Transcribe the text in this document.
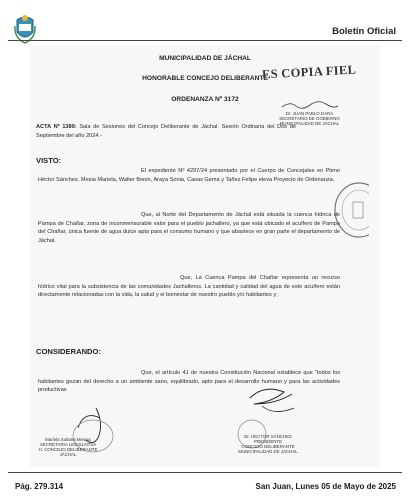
Boletín Oficial
MUNICIPALIDAD DE JÁCHAL
HONORABLE CONCEJO DELIBERANTE
ORDENANZA Nº 3172
ACTA Nº 1389: Sala de Sesiones del Concejo Deliberante de Jáchal. Sesión Ordinaria del Dos de Septiembre del año 2024.-
VISTO:
El expediente Nº 4297/24 presentado por el Cuerpo de Concejales en Pleno Héctor Sánchez, Mesia Mariela, Walter Benin, Araya Sonia, Casas Gema y Tañez Felipe eleva Proyecto de Ordenanza.
Que, al Norte del Departamento de Jáchal está situada la cuenca hídrica de Pampa de Chañar, zona de inconmensurable valor para el pueblo jachallero, ya que está ubicado el acuífero de Pampa del Chañar, única fuente de agua dulce apta para el consumo humano y que abastece en gran parte el departamento de Jáchal.
Que, La Cuenca Pampa del Chañar representa un recurso hídrico vital para la subsistencia de las comunidades Jachalleros. La cantidad y calidad del agua de este acuífero están directamente relacionadas con la vida, la salud y el bienestar de nuestro pueblo y/o habitantes y;
CONSIDERANDO:
Que, el artículo 41 de nuestra Constitución Nacional establece que "todos los habitantes gozan del derecho a un ambiente sano, equilibrado, apto para el desarrollo humano y para las actividades productivas
ES COPIA FIEL

Dr. JUAN PABLO DARA
SECRETARIO DE GOBIERNO
MUNICIPALIDAD DE JÁCHAL
Mariela Sultana Mesias
SECRETARIA LEGISLATIVA
H. CONCEJO DELIBERANTE
JÁCHAL
Dr. HÉCTOR SÁNCHEZ
PRESIDENTE
CONCEJO DELIBERANTE
MUNICIPALIDAD DE JÁCHAL
Pág. 279.314	San Juan, Lunes 05 de Mayo de 2025
